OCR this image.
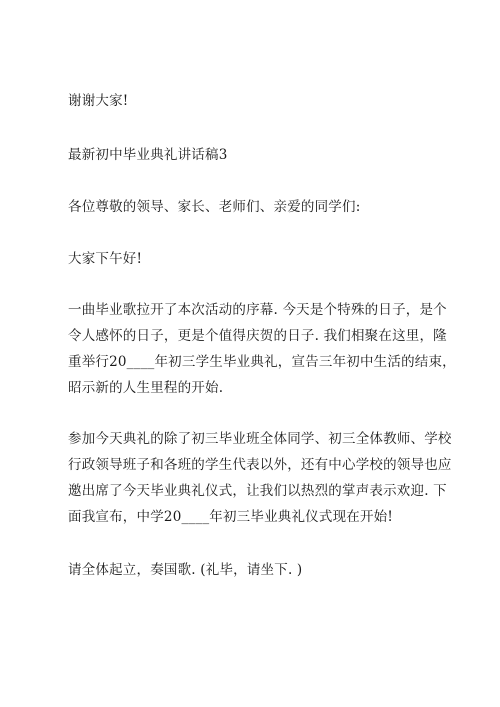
谢谢大家!

最新初中毕业典礼讲话稿3

各位尊敬的领导、家长、老师们、亲爱的同学们:

大家下午好!

一曲毕业歌拉开了本次活动的序幕. 今天是个特殊的日子，是个
令人感怀的日子，更是个值得庆贺的日子. 我们相聚在这里，隆
重举行20____年初三学生毕业典礼，宣告三年初中生活的结束，
昭示新的人生里程的开始.

参加今天典礼的除了初三毕业班全体同学、初三全体教师、学校
行政领导班子和各班的学生代表以外，还有中心学校的领导也应
邀出席了今天毕业典礼仪式，让我们以热烈的掌声表示欢迎. 下
面我宣布，中学20____年初三毕业典礼仪式现在开始!

请全体起立，奏国歌. (礼毕，请坐下. )
